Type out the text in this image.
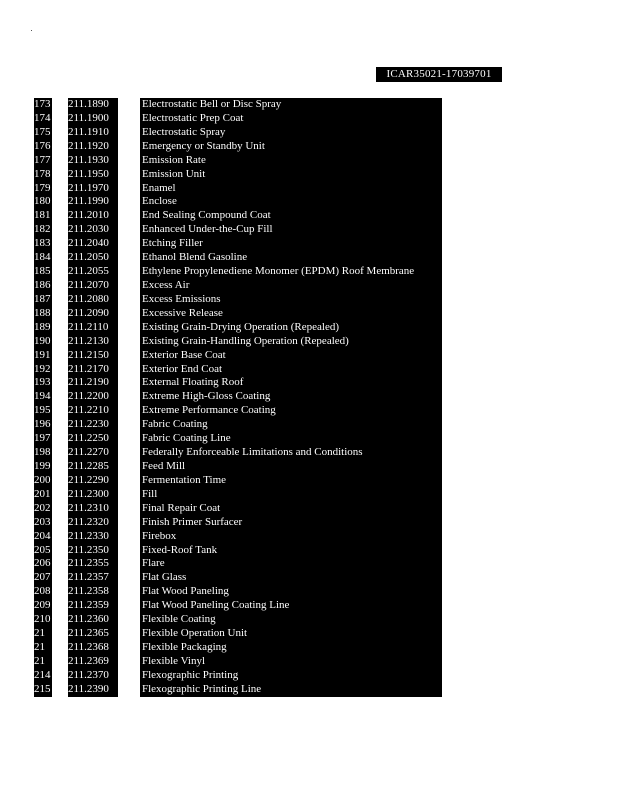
ICAR35021-17039701
173 211.1890	Electrostatic Bell or Disc Spray
174 211.1900	Electrostatic Prep Coat
175 211.1910	Electrostatic Spray
176 211.1920	Emergency or Standby Unit
177 211.1930	Emission Rate
178 211.1950	Emission Unit
179 211.1970	Enamel
180 211.1990	Enclose
181 211.2010	End Sealing Compound Coat
182 211.2030	Enhanced Under-the-Cup Fill
183 211.2040	Etching Filler
184 211.2050	Ethanol Blend Gasoline
185 211.2055	Ethylene Propylenediene Monomer (EPDM) Roof Membrane
186 211.2070	Excess Air
187 211.2080	Excess Emissions
188 211.2090	Excessive Release
189 211.2110	Existing Grain-Drying Operation (Repealed)
190 211.2130	Existing Grain-Handling Operation (Repealed)
191 211.2150	Exterior Base Coat
192 211.2170	Exterior End Coat
193 211.2190	External Floating Roof
194 211.2200	Extreme High-Gloss Coating
195 211.2210	Extreme Performance Coating
196 211.2230	Fabric Coating
197 211.2250	Fabric Coating Line
198 211.2270	Federally Enforceable Limitations and Conditions
199 211.2285	Feed Mill
200 211.2290	Fermentation Time
201 211.2300	Fill
202 211.2310	Final Repair Coat
203 211.2320	Finish Primer Surfacer
204 211.2330	Firebox
205 211.2350	Fixed-Roof Tank
206 211.2355	Flare
207 211.2357	Flat Glass
208 211.2358	Flat Wood Paneling
209 211.2359	Flat Wood Paneling Coating Line
210 211.2360	Flexible Coating
21	211.2365	Flexible Operation Unit
21	211.2368	Flexible Packaging
21	211.2369	Flexible Vinyl
214 211.2370	Flexographic Printing
215 211.2390	Flexographic Printing Line
